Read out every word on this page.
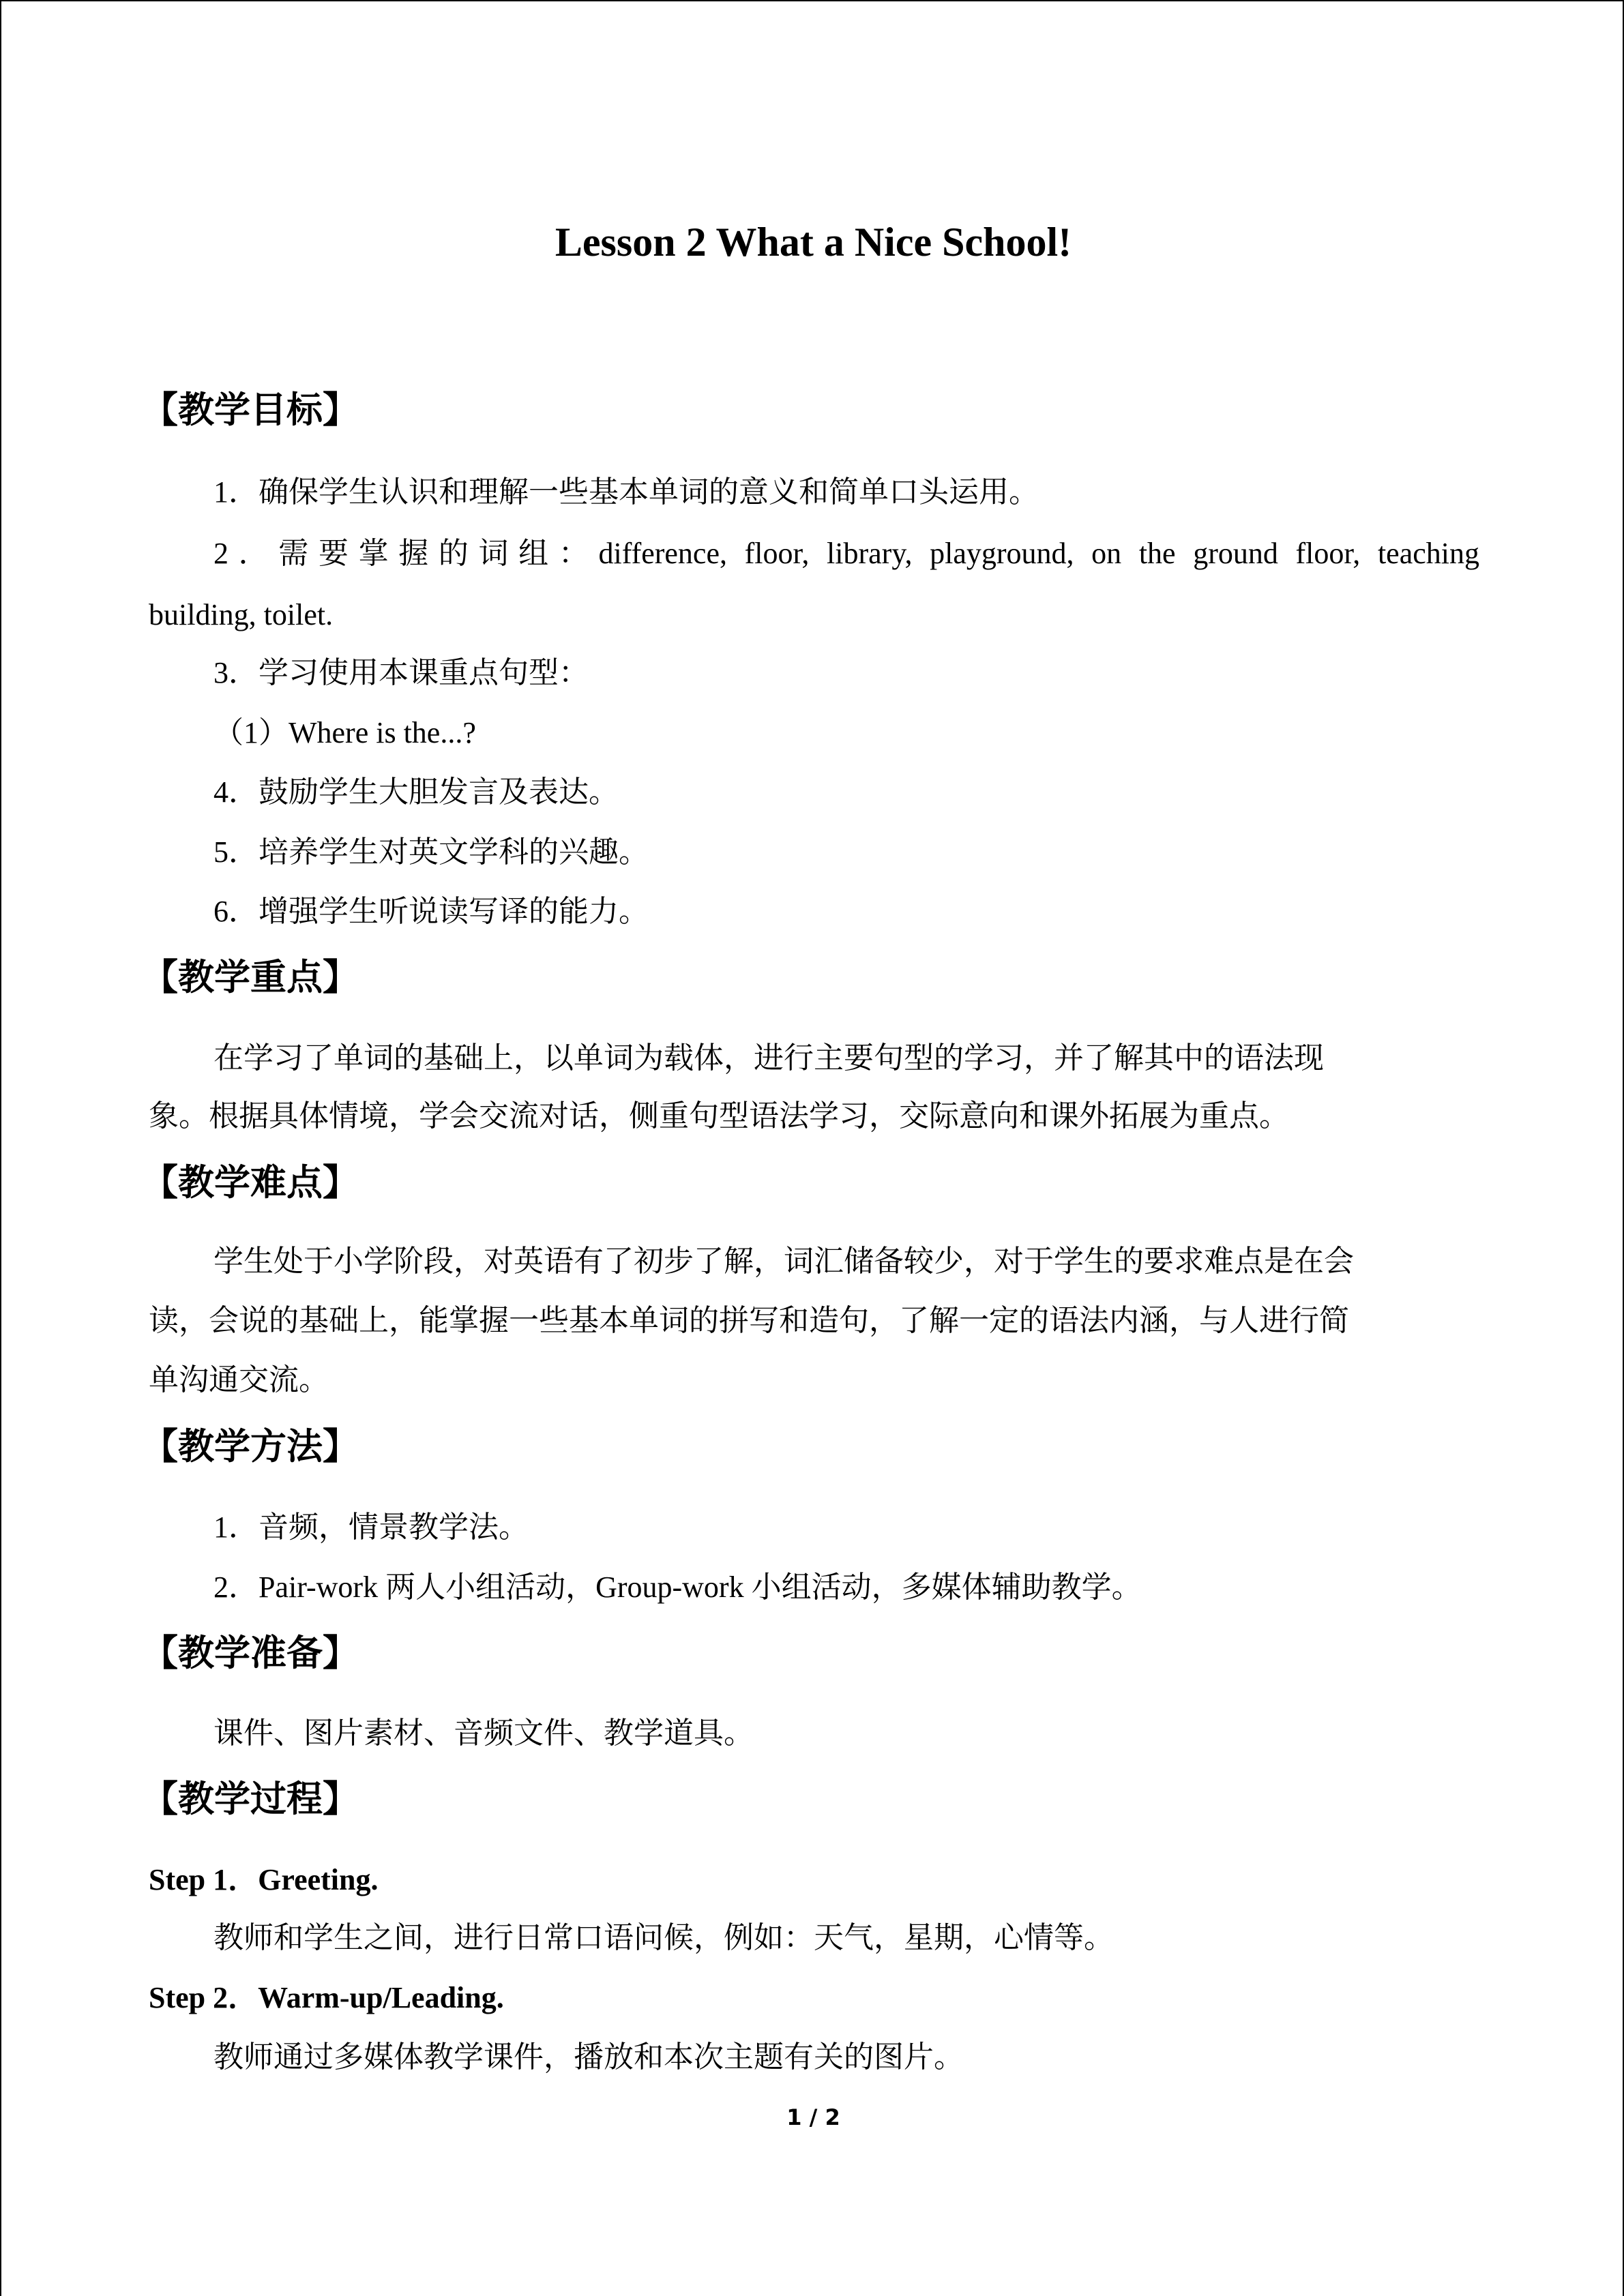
Lesson 2 What a Nice School!
【教学目标】
1．确保学生认识和理解一些基本单词的意义和简单口头运用。
2．需要掌握的词组：difference, floor, library, playground, on the ground floor, teaching
building, toilet.
3．学习使用本课重点句型：
（1）Where is the...?
4．鼓励学生大胆发言及表达。
5．培养学生对英文学科的兴趣。
6．增强学生听说读写译的能力。
【教学重点】
在学习了单词的基础上，以单词为载体，进行主要句型的学习，并了解其中的语法现
象。根据具体情境，学会交流对话，侧重句型语法学习，交际意向和课外拓展为重点。
【教学难点】
学生处于小学阶段，对英语有了初步了解，词汇储备较少，对于学生的要求难点是在会
读，会说的基础上，能掌握一些基本单词的拼写和造句，了解一定的语法内涵，与人进行简
单沟通交流。
【教学方法】
1．音频，情景教学法。
2．Pair-work 两人小组活动，Group-work 小组活动，多媒体辅助教学。
【教学准备】
课件、图片素材、音频文件、教学道具。
【教学过程】
Step 1．Greeting.
教师和学生之间，进行日常口语问候，例如：天气，星期，心情等。
Step 2．Warm-up/Leading.
教师通过多媒体教学课件，播放和本次主题有关的图片。
1 / 2
